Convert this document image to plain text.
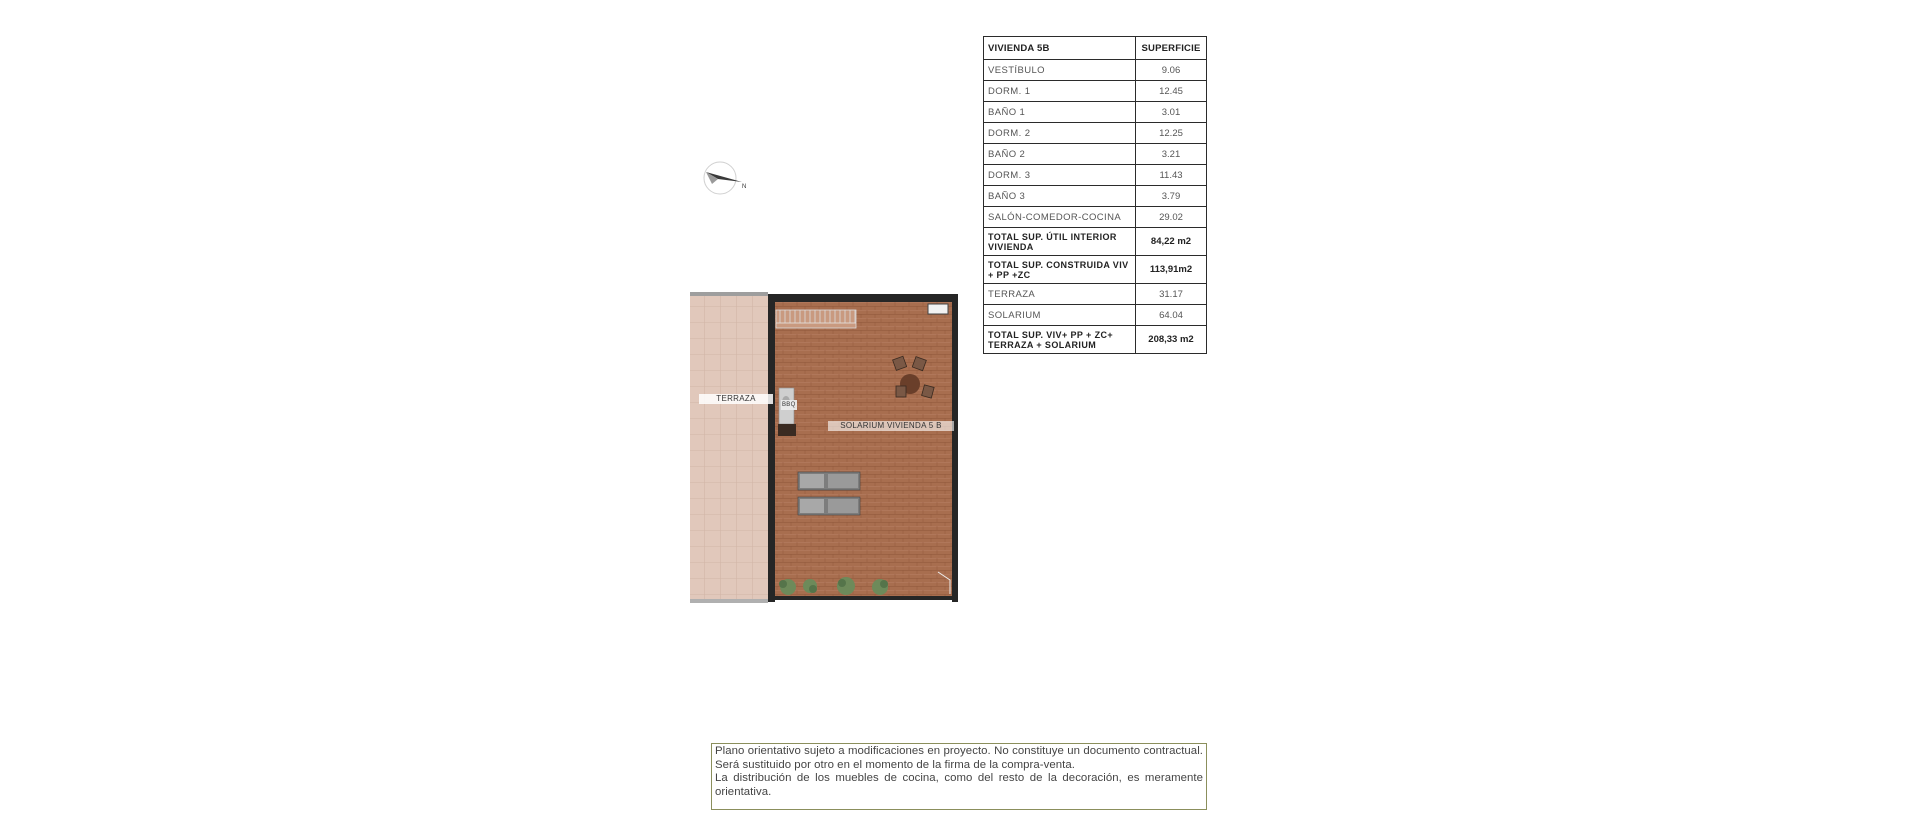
N
TERRAZA
SOLARIUM VIVIENDA 5 B
BBQ
VIVIENDA 5B	SUPERFICIE
VESTÍBULO	9.06
DORM. 1	12.45
BAÑO 1	3.01
DORM. 2	12.25
BAÑO 2	3.21
DORM. 3	11.43
BAÑO 3	3.79
SALÓN-COMEDOR-COCINA	29.02
TOTAL SUP. ÚTIL INTERIOR VIVIENDA	84,22 m2
TOTAL SUP. CONSTRUIDA VIV + PP +ZC	113,91m2
TERRAZA	31.17
SOLARIUM	64.04
TOTAL SUP. VIV+ PP + ZC+ TERRAZA + SOLARIUM	208,33 m2

Plano orientativo sujeto a modificaciones en proyecto. No constituye un documento contractual. Será sustituido por otro en el momento de la firma de la compra-venta.

La distribución de los muebles de cocina, como del resto de la decoración, es meramente orientativa.
